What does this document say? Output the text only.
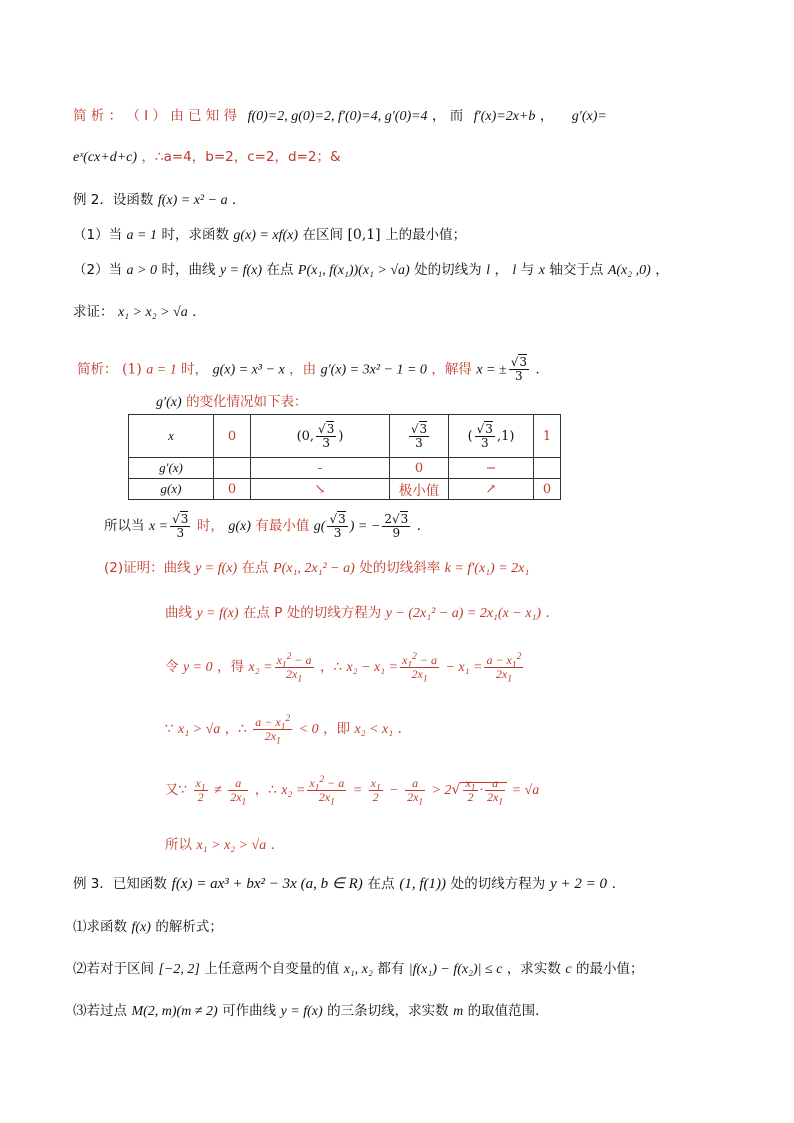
简 析 ： （ Ⅰ ） 由 已 知 得 f(0)=2, g(0)=2, f′(0)=4, g′(0)=4 ， 而 f′(x)=2x+b ， g′(x)=
eˣ(cx+d+c) ，∴a=4，b=2，c=2，d=2；&
例 2．设函数 f(x) = x² − a ．
（1）当 a = 1 时，求函数 g(x) = xf(x) 在区间 [0,1] 上的最小值；
（2）当 a > 0 时，曲线 y = f(x) 在点 P(x₁, f(x₁))(x₁ > √a) 处的切线为 l ， l 与 x 轴交于点 A(x₂ ,0) ，
求证： x₁ > x₂ > √a ．
简析： (1) a = 1 时， g(x) = x³ − x ，由 g′(x) = 3x² − 1 = 0 ，解得 x = ± $\frac{√3}{3}$ ．
g′(x) 的变化情况如下表：
x	0	(0, $\frac{√3}{3}$ )	$\frac{√3}{3}$	( $\frac{√3}{3} ,1$)	1
g′(x)		-	0	−	
g(x)	0	↘	极小值	↗	0
所以当 $x = \frac{√3}{3}$ 时， g(x) 有最小值 $g( \frac{√3}{3}$ ) = − $\frac{2√3}{9}$ ．
(2)证明：曲线 y = f(x) 在点 P(x₁, 2x₁² − a) 处的切线斜率 k = f′(x₁) = 2x₁
曲线 y = f(x) 在点 P 处的切线方程为 y − (2x₁² − a) = 2x₁(x − x₁) ．
令 y = 0 ，得 $x_2 = \frac{x_1^2 - a}{2x_1}$ ，∴ $x_2 - x_1 = \frac{x_1^2 - a}{2x_1} - x_1 = \frac{a - x_1^2}{2x_1}$
∵ x₁ > √a ，∴ $\frac{a - x_1^2}{2x_1} < 0$ ，即 x₂ < x₁ ．
又∵ $\frac{x_1}{2} \ne \frac{a}{2x_1}$ ，∴ $x_2 = \frac{x_1^2 - a}{2x_1} = \frac{x_1}{2} - \frac{a}{2x_1} > 2√ \frac{x_1}{2} \cdot \frac{a}{2x_1} = √a$
所以 x₁ > x₂ > √a ．
例 3．已知函数 f(x) = ax³ + bx² − 3x (a, b ∈ R) 在点 (1, f(1)) 处的切线方程为 y + 2 = 0 ．
⑴求函数 f(x) 的解析式；
⑵若对于区间 [−2, 2] 上任意两个自变量的值 x₁, x₂ 都有 |f(x₁) − f(x₂)| ≤ c ，求实数 c 的最小值；
⑶若过点 M(2, m)(m ≠ 2) 可作曲线 y = f(x) 的三条切线，求实数 m 的取值范围．
